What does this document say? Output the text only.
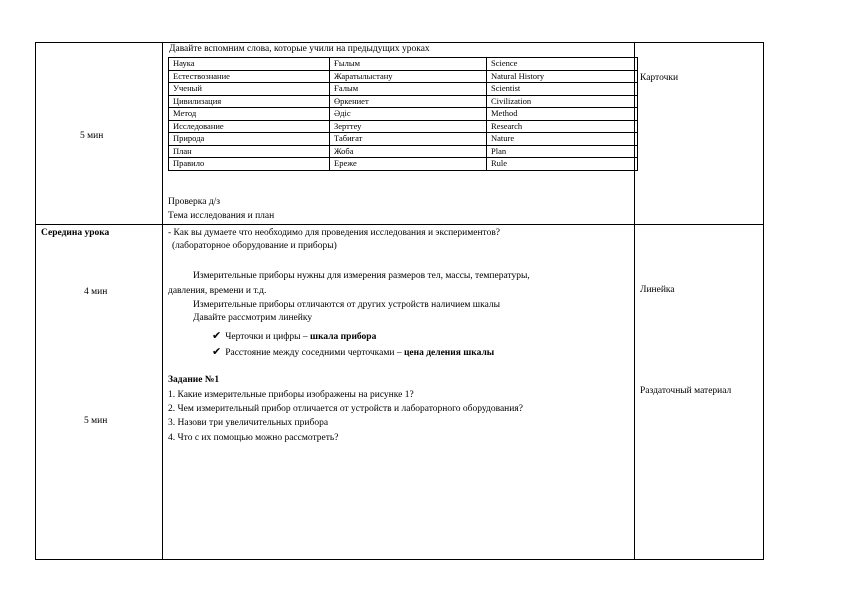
5 мин
Давайте вспомним слова, которые учили на предыдущих уроках
Наука	Ғылым	Science
Естествознание	Жаратылыстану	Natural History
Ученый	Ғалым	Scientist
Цивилизация	Өркениет	Civilization
Метод	Әдіс	Method
Исследование	Зерттеу	Research
Природа	Табиғат	Nature
План	Жоба	Plan
Правило	Ереже	Rule
Проверка д/з
Тема исследования и план
Карточки
Середина урока
4 мин
5 мин
- Как вы думаете что необходимо для проведения исследования и экспериментов?
(лабораторное оборудование и приборы)
Измерительные приборы нужны для измерения размеров тел, массы, температуры,
давления, времени и т.д.
Измерительные приборы отличаются от других устройств наличием шкалы
Давайте рассмотрим линейку
✔ Черточки и цифры – шкала прибора
✔ Расстояние между соседними черточками – цена деления шкалы
Задание №1
1. Какие измерительные приборы изображены на рисунке 1?
2. Чем измерительный прибор отличается от устройств и лабораторного оборудования?
3. Назови три увеличительных прибора
4. Что с их помощью можно рассмотреть?
Линейка
Раздаточный материал
